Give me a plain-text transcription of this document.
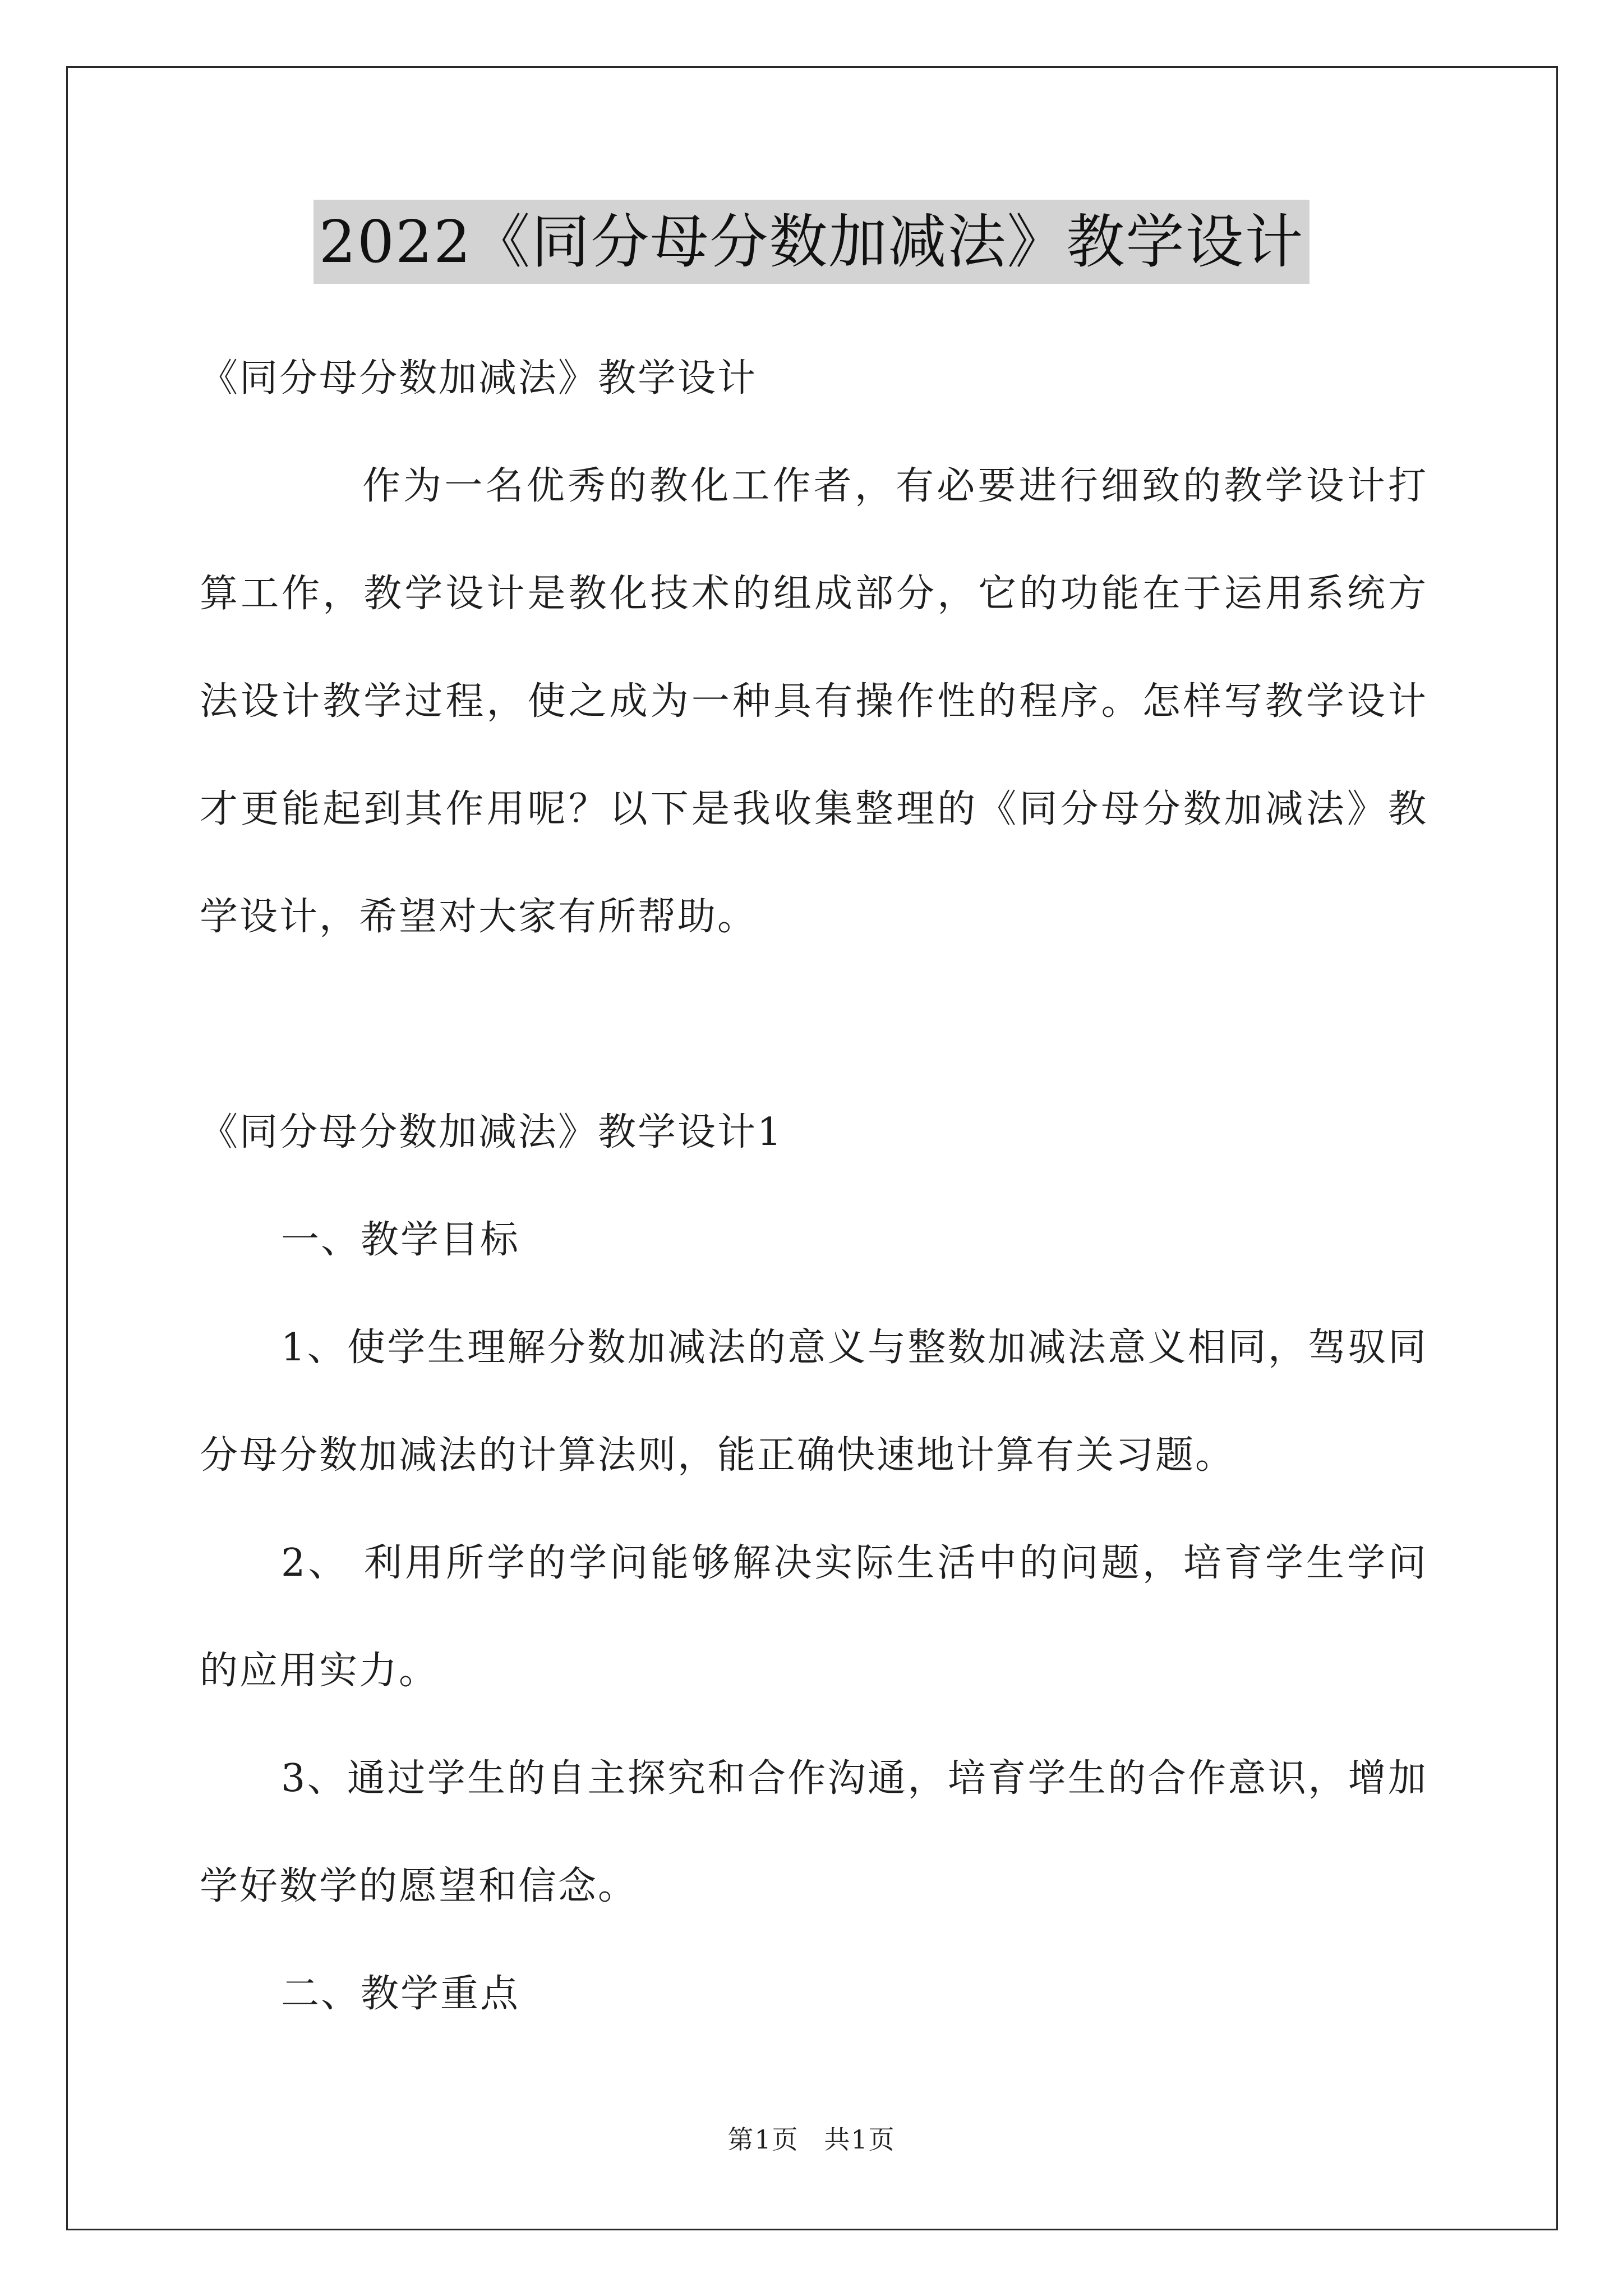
2022《同分母分数加减法》教学设计
《同分母分数加减法》教学设计
作为一名优秀的教化工作者，有必要进行细致的教学设计打
算工作，教学设计是教化技术的组成部分，它的功能在于运用系统方
法设计教学过程，使之成为一种具有操作性的程序。怎样写教学设计
才更能起到其作用呢？以下是我收集整理的《同分母分数加减法》教
学设计，希望对大家有所帮助。
《同分母分数加减法》教学设计1
一、教学目标
1、使学生理解分数加减法的意义与整数加减法意义相同，驾驭同
分母分数加减法的计算法则，能正确快速地计算有关习题。
2、 利用所学的学问能够解决实际生活中的问题，培育学生学问
的应用实力。
3、通过学生的自主探究和合作沟通，培育学生的合作意识，增加
学好数学的愿望和信念。
二、教学重点
第1页 共1页
